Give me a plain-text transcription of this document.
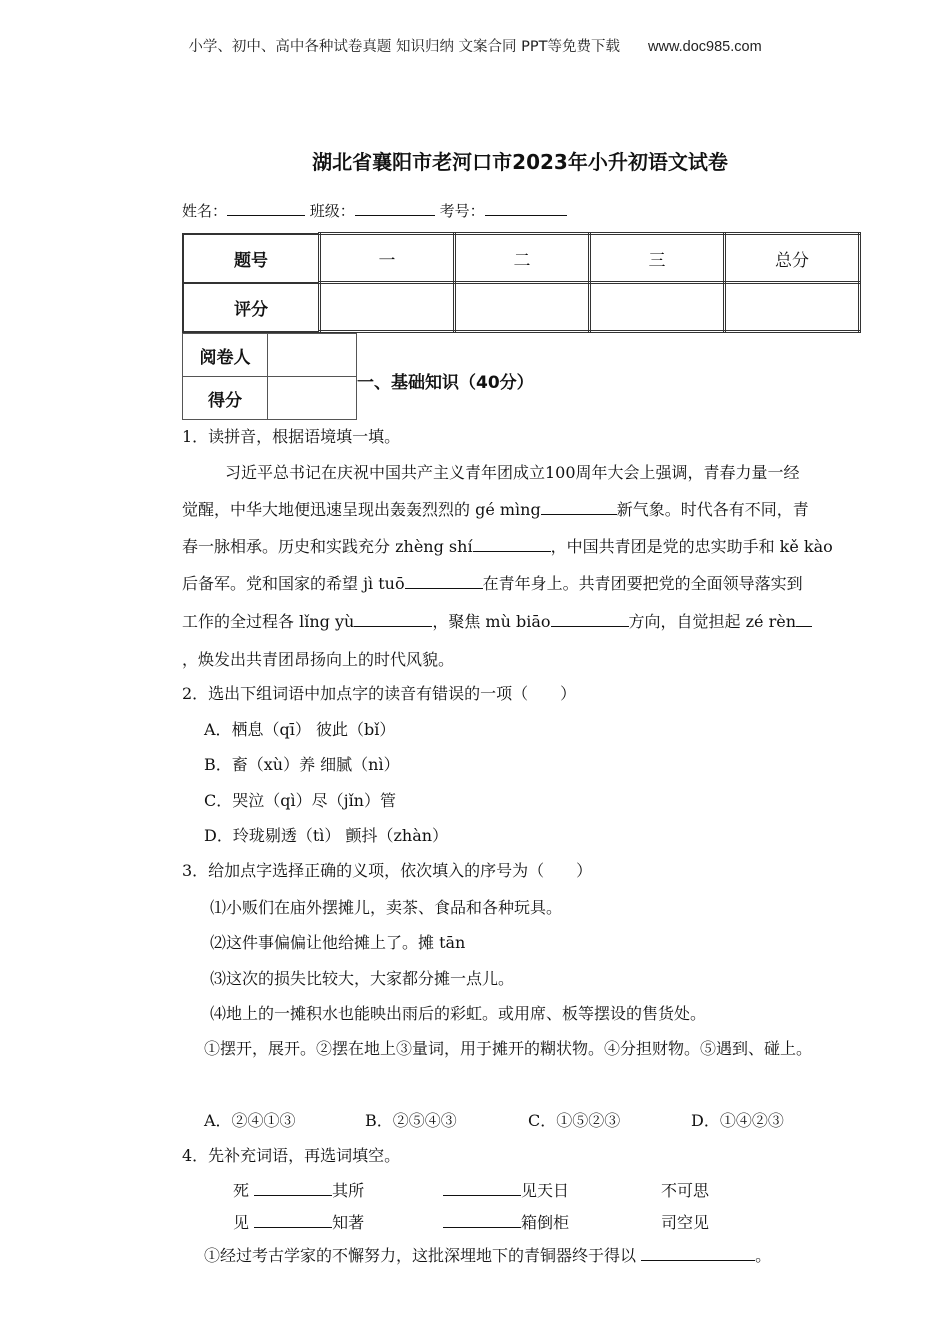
小学、初中、高中各种试卷真题 知识归纳 文案合同 PPT等免费下载 www.doc985.com
湖北省襄阳市老河口市2023年小升初语文试卷
姓名：	班级：	考号：
题号	一	二	三	总分
评分				
阅卷人	
得分	
一、基础知识（40分）
1．读拼音，根据语境填一填。
习近平总书记在庆祝中国共产主义青年团成立100周年大会上强调，青春力量一经
觉醒，中华大地便迅速呈现出轰轰烈烈的 gé mìng	新气象。时代各有不同，青
春一脉相承。历史和实践充分 zhèng shí	，中国共青团是党的忠实助手和 kě kào
后备军。党和国家的希望 jì tuō	在青年身上。共青团要把党的全面领导落实到
工作的全过程各 lǐng yù	，聚焦 mù biāo	方向，自觉担起 zé rèn
，焕发出共青团昂扬向上的时代风貌。
2．选出下组词语中加点字的读音有错误的一项（　　）
A．栖息（qī） 彼此（bǐ）
B．畜（xù）养 细腻（nì）
C．哭泣（qì）尽（jǐn）管
D．玲珑剔透（tì） 颤抖（zhàn）
3．给加点字选择正确的义项，依次填入的序号为（　　）
⑴小贩们在庙外摆摊儿，卖茶、食品和各种玩具。
⑵这件事偏偏让他给摊上了。摊 tān
⑶这次的损失比较大，大家都分摊一点儿。
⑷地上的一摊积水也能映出雨后的彩虹。或用席、板等摆设的售货处。
①摆开，展开。②摆在地上③量词，用于摊开的糊状物。④分担财物。⑤遇到、碰上。
A．②④①③	B．②⑤④③	C．①⑤②③	D．①④②③
4．先补充词语，再选词填空。
死	其所	见天日	不可思
见	知著	箱倒柜	司空见
①经过考古学家的不懈努力，这批深埋地下的青铜器终于得以	。
